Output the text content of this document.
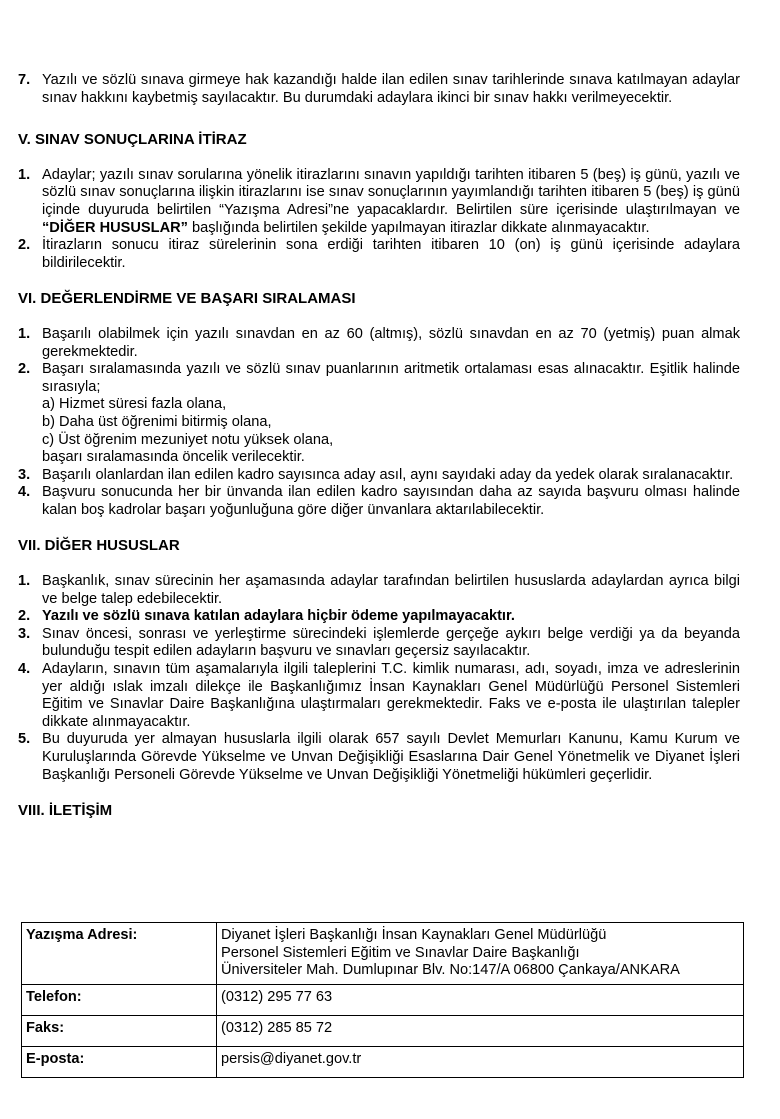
7. Yazılı ve sözlü sınava girmeye hak kazandığı halde ilan edilen sınav tarihlerinde sınava katılmayan adaylar sınav hakkını kaybetmiş sayılacaktır. Bu durumdaki adaylara ikinci bir sınav hakkı verilmeyecektir.
V. SINAV SONUÇLARINA İTİRAZ
1. Adaylar; yazılı sınav sorularına yönelik itirazlarını sınavın yapıldığı tarihten itibaren 5 (beş) iş günü, yazılı ve sözlü sınav sonuçlarına ilişkin itirazlarını ise sınav sonuçlarının yayımlandığı tarihten itibaren 5 (beş) iş günü içinde duyuruda belirtilen “Yazışma Adresi”ne yapacaklardır. Belirtilen süre içerisinde ulaştırılmayan ve “DİĞER HUSUSLAR” başlığında belirtilen şekilde yapılmayan itirazlar dikkate alınmayacaktır.
2. İtirazların sonucu itiraz sürelerinin sona erdiği tarihten itibaren 10 (on) iş günü içerisinde adaylara bildirilecektir.
VI. DEĞERLENDİRME VE BAŞARI SIRALAMASI
1. Başarılı olabilmek için yazılı sınavdan en az 60 (altmış), sözlü sınavdan en az 70 (yetmiş) puan almak gerekmektedir.
2. Başarı sıralamasında yazılı ve sözlü sınav puanlarının aritmetik ortalaması esas alınacaktır. Eşitlik halinde sırasıyla;
a) Hizmet süresi fazla olana,
b) Daha üst öğrenimi bitirmiş olana,
c) Üst öğrenim mezuniyet notu yüksek olana,
başarı sıralamasında öncelik verilecektir.
3. Başarılı olanlardan ilan edilen kadro sayısınca aday asıl, aynı sayıdaki aday da yedek olarak sıralanacaktır.
4. Başvuru sonucunda her bir ünvanda ilan edilen kadro sayısından daha az sayıda başvuru olması halinde kalan boş kadrolar başarı yoğunluğuna göre diğer ünvanlara aktarılabilecektir.
VII. DİĞER HUSUSLAR
1. Başkanlık, sınav sürecinin her aşamasında adaylar tarafından belirtilen hususlarda adaylardan ayrıca bilgi ve belge talep edebilecektir.
2. Yazılı ve sözlü sınava katılan adaylara hiçbir ödeme yapılmayacaktır.
3. Sınav öncesi, sonrası ve yerleştirme sürecindeki işlemlerde gerçeğe aykırı belge verdiği ya da beyanda bulunduğu tespit edilen adayların başvuru ve sınavları geçersiz sayılacaktır.
4. Adayların, sınavın tüm aşamalarıyla ilgili taleplerini T.C. kimlik numarası, adı, soyadı, imza ve adreslerinin yer aldığı ıslak imzalı dilekçe ile Başkanlığımız İnsan Kaynakları Genel Müdürlüğü Personel Sistemleri Eğitim ve Sınavlar Daire Başkanlığına ulaştırmaları gerekmektedir. Faks ve e-posta ile ulaştırılan talepler dikkate alınmayacaktır.
5. Bu duyuruda yer almayan hususlarla ilgili olarak 657 sayılı Devlet Memurları Kanunu, Kamu Kurum ve Kuruluşlarında Görevde Yükselme ve Unvan Değişikliği Esaslarına Dair Genel Yönetmelik ve Diyanet İşleri Başkanlığı Personeli Görevde Yükselme ve Unvan Değişikliği Yönetmeliği hükümleri geçerlidir.
VIII. İLETİŞİM
Yazışma Adresi:	Diyanet İşleri Başkanlığı İnsan Kaynakları Genel Müdürlüğü
Personel Sistemleri Eğitim ve Sınavlar Daire Başkanlığı
Üniversiteler Mah. Dumlupınar Blv. No:147/A 06800 Çankaya/ANKARA

Telefon:	(0312) 295 77 63
Faks:	(0312) 285 85 72
E-posta:	persis@diyanet.gov.tr
